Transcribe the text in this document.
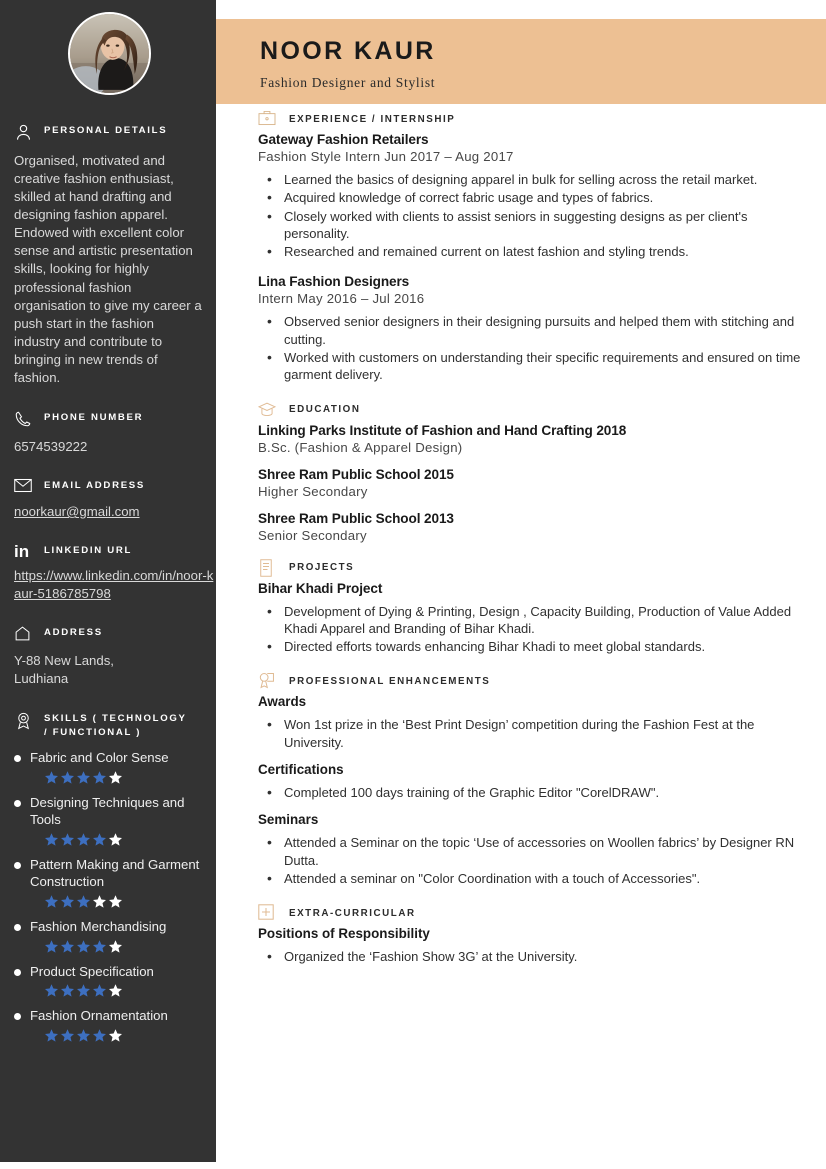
PERSONAL DETAILS
Organised, motivated and creative fashion enthusiast, skilled at hand drafting and designing fashion apparel. Endowed with excellent color sense and artistic presentation skills, looking for highly professional fashion organisation to give my career a push start in the fashion industry and contribute to bringing in new trends of fashion.
PHONE NUMBER
6574539222
EMAIL ADDRESS
noorkaur@gmail.com
in	LINKEDIN URL
https://www.linkedin.com/in/noor-kaur-5186785798
ADDRESS
Y-88 New Lands,
Ludhiana
SKILLS ( TECHNOLOGY
/ FUNCTIONAL )
Fabric and Color Sense
Designing Techniques and Tools
Pattern Making and Garment Construction
Fashion Merchandising
Product Specification
Fashion Ornamentation
NOOR KAUR
Fashion Designer and Stylist
EXPERIENCE / INTERNSHIP
Gateway Fashion Retailers
Fashion Style Intern Jun 2017 – Aug 2017
• Learned the basics of designing apparel in bulk for selling across the retail market.
• Acquired knowledge of correct fabric usage and types of fabrics.
• Closely worked with clients to assist seniors in suggesting designs as per client's personality.
• Researched and remained current on latest fashion and styling trends.
Lina Fashion Designers
Intern May 2016 – Jul 2016
• Observed senior designers in their designing pursuits and helped them with stitching and cutting.
• Worked with customers on understanding their specific requirements and ensured on time garment delivery.
EDUCATION
Linking Parks Institute of Fashion and Hand Crafting 2018
B.Sc. (Fashion & Apparel Design)
Shree Ram Public School 2015
Higher Secondary
Shree Ram Public School 2013
Senior Secondary
PROJECTS
Bihar Khadi Project
• Development of Dying & Printing, Design , Capacity Building, Production of Value Added Khadi Apparel and Branding of Bihar Khadi.
• Directed efforts towards enhancing Bihar Khadi to meet global standards.
PROFESSIONAL ENHANCEMENTS
Awards
• Won 1st prize in the ‘Best Print Design’ competition during the Fashion Fest at the University.
Certifications
• Completed 100 days training of the Graphic Editor "CorelDRAW".
Seminars
• Attended a Seminar on the topic ‘Use of accessories on Woollen fabrics’ by Designer RN Dutta.
• Attended a seminar on "Color Coordination with a touch of Accessories".
EXTRA-CURRICULAR
Positions of Responsibility
• Organized the ‘Fashion Show 3G’ at the University.
